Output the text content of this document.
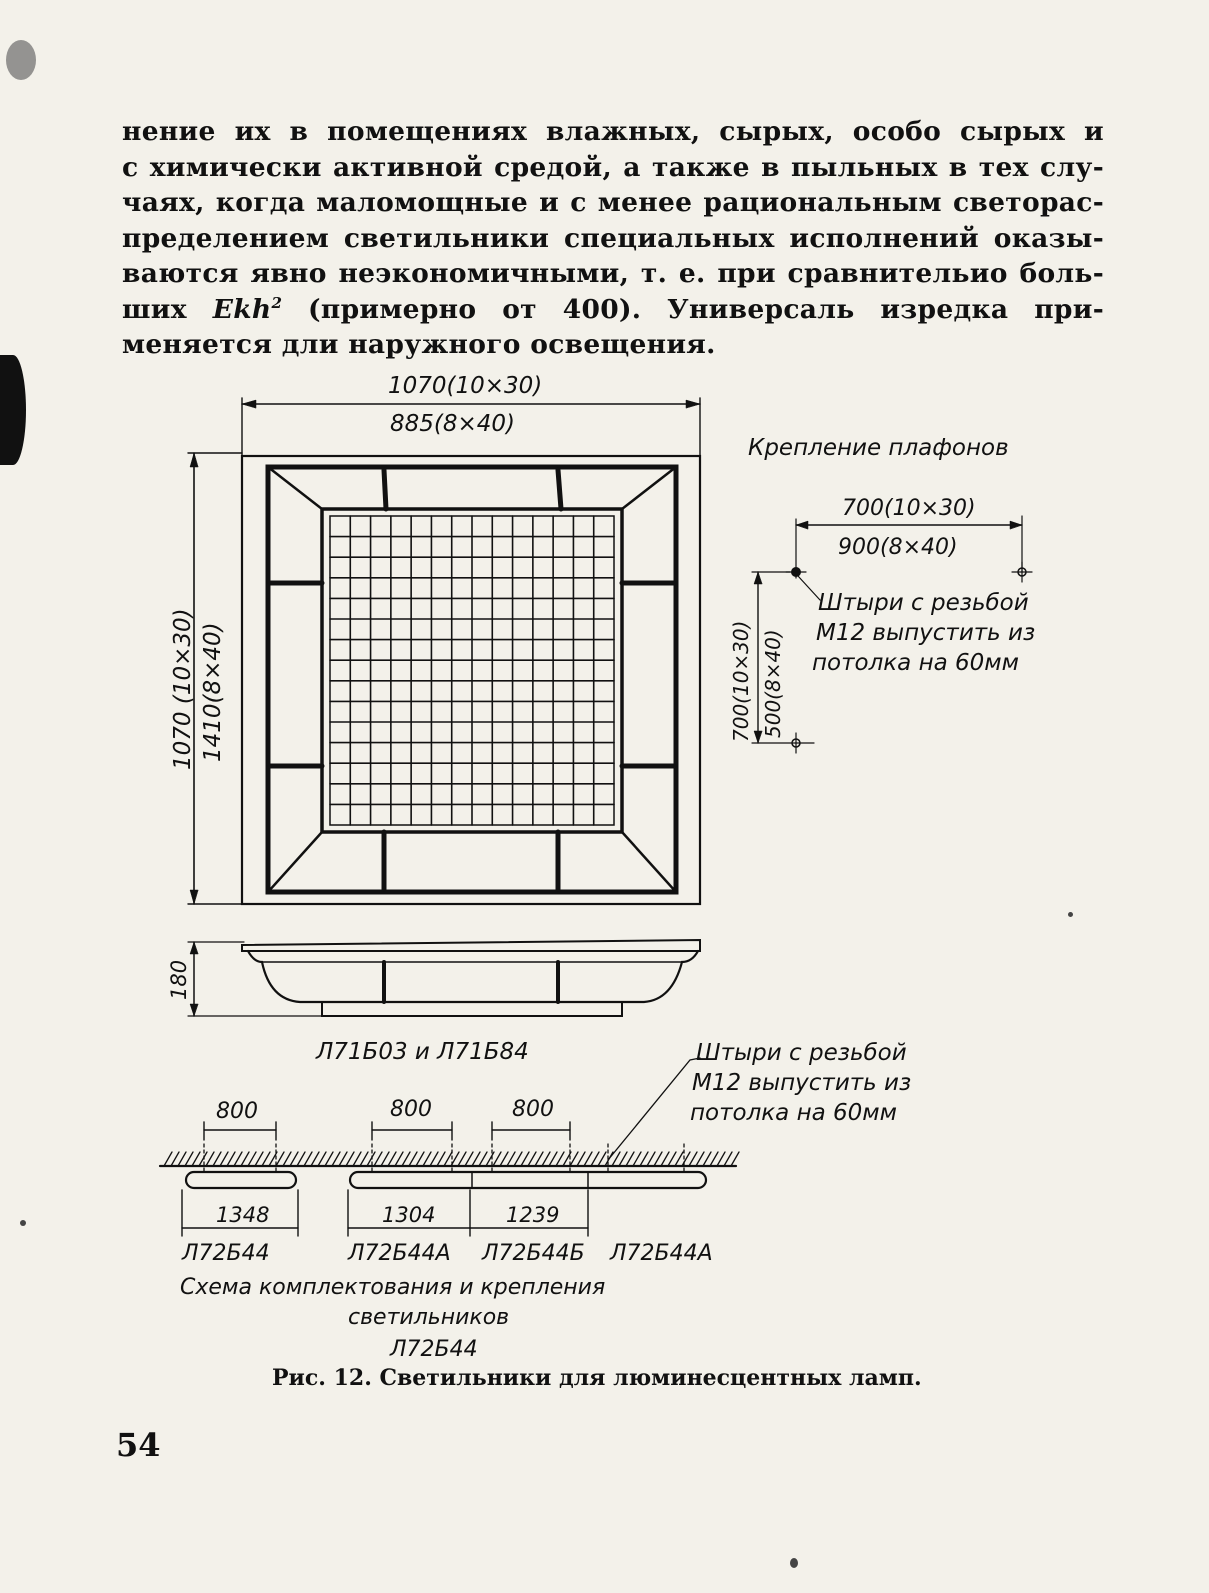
нение их в помещениях влажных, сырых, особо сырых и
с химически активной средой, а также в пыльных в тех слу-
чаях, когда маломощные и с менее рациональным светорас-
пределением светильники специальных исполнений оказы-
ваются явно неэкономичными, т. е. при сравнительио боль-
ших Ekh$^2$ (примерно от 400). Универсаль изредка при-
меняется дли наружного освещения.
1070(10×30)
885(8×40)
1070 (10×30) 1410(8×40)
180
Л71Б03 и Л71Б84
Крепление плафонов
700(10×30)
900(8×40)
700(10×30) 500(8×40)
Штыри с резьбой
М12 выпустить из
потолка на 60мм
Штыри с резьбой
М12 выпустить из
потолка на 60мм
800	800	800
1348	1304	1239
Л72Б44	Л72Б44А Л72Б44Б Л72Б44А
Схема комплектования и крепления
светильников
Л72Б44
Рис. 12. Светильники для люминесцентных ламп.
54
